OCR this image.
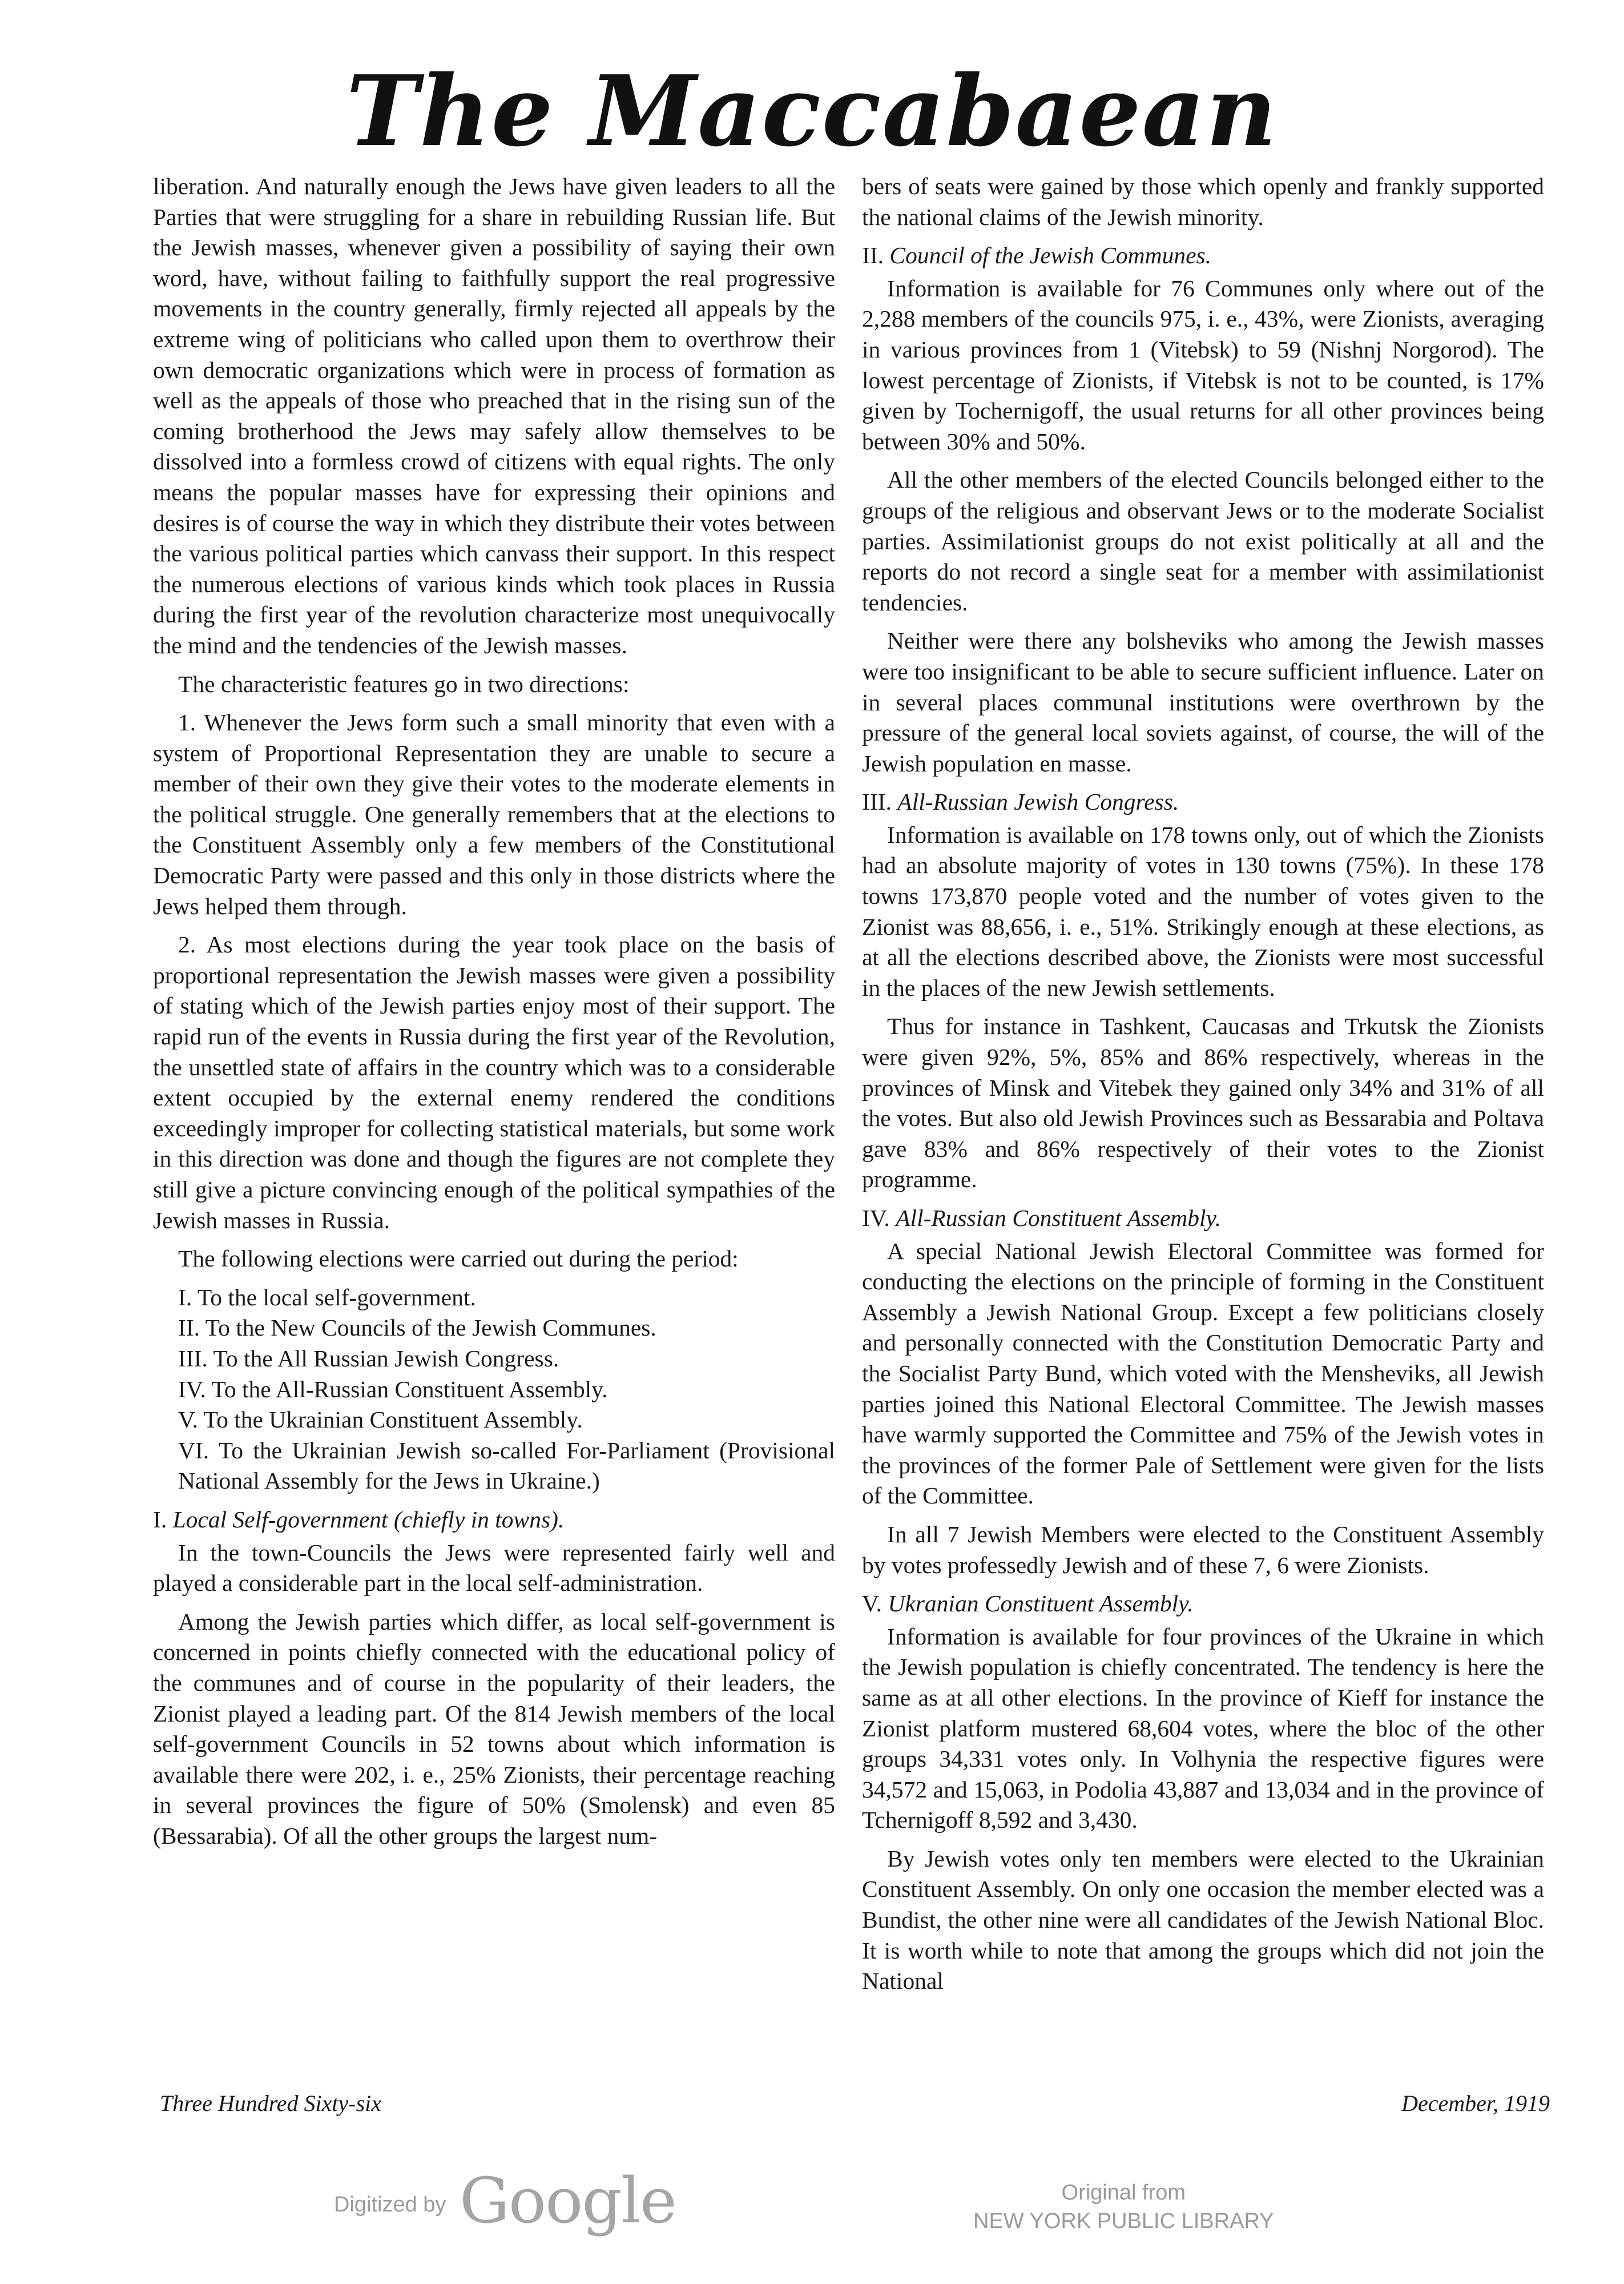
The Maccabaean

liberation. And naturally enough the Jews have given leaders to all the Parties that were struggling for a share in rebuilding Russian life. But the Jewish masses, whenever given a possibility of saying their own word, have, without failing to faithfully support the real progressive movements in the country generally, firmly rejected all appeals by the extreme wing of politicians who called upon them to overthrow their own democratic organizations which were in process of formation as well as the appeals of those who preached that in the rising sun of the coming brotherhood the Jews may safely allow themselves to be dissolved into a formless crowd of citizens with equal rights. The only means the popular masses have for expressing their opinions and desires is of course the way in which they distribute their votes between the various political parties which canvass their support. In this respect the numerous elections of various kinds which took places in Russia during the first year of the revolution characterize most unequivocally the mind and the tendencies of the Jewish masses.

The characteristic features go in two directions:

1. Whenever the Jews form such a small minority that even with a system of Proportional Representation they are unable to secure a member of their own they give their votes to the moderate elements in the political struggle. One generally remembers that at the elections to the Constituent Assembly only a few members of the Constitutional Democratic Party were passed and this only in those districts where the Jews helped them through.

2. As most elections during the year took place on the basis of proportional representation the Jewish masses were given a possibility of stating which of the Jewish parties enjoy most of their support. The rapid run of the events in Russia during the first year of the Revolution, the unsettled state of affairs in the country which was to a considerable extent occupied by the external enemy rendered the conditions exceedingly improper for collecting statistical materials, but some work in this direction was done and though the figures are not complete they still give a picture convincing enough of the political sympathies of the Jewish masses in Russia.

The following elections were carried out during the period:

I. To the local self-government.

II. To the New Councils of the Jewish Communes.

III. To the All Russian Jewish Congress.

IV. To the All-Russian Constituent Assembly.

V. To the Ukrainian Constituent Assembly.

VI. To the Ukrainian Jewish so-called For-Parliament (Provisional National Assembly for the Jews in Ukraine.)

I. Local Self-government (chiefly in towns).

In the town-Councils the Jews were represented fairly well and played a considerable part in the local self-administration.

Among the Jewish parties which differ, as local self-government is concerned in points chiefly connected with the educational policy of the communes and of course in the popularity of their leaders, the Zionist played a leading part. Of the 814 Jewish members of the local self-government Councils in 52 towns about which information is available there were 202, i. e., 25% Zionists, their percentage reaching in several provinces the figure of 50% (Smolensk) and even 85 (Bessarabia). Of all the other groups the largest num-

bers of seats were gained by those which openly and frankly supported the national claims of the Jewish minority.

II. Council of the Jewish Communes.

Information is available for 76 Communes only where out of the 2,288 members of the councils 975, i. e., 43%, were Zionists, averaging in various provinces from 1 (Vitebsk) to 59 (Nishnj Norgorod). The lowest percentage of Zionists, if Vitebsk is not to be counted, is 17% given by Tochernigoff, the usual returns for all other provinces being between 30% and 50%.

All the other members of the elected Councils belonged either to the groups of the religious and observant Jews or to the moderate Socialist parties. Assimilationist groups do not exist politically at all and the reports do not record a single seat for a member with assimilationist tendencies.

Neither were there any bolsheviks who among the Jewish masses were too insignificant to be able to secure sufficient influence. Later on in several places communal institutions were overthrown by the pressure of the general local soviets against, of course, the will of the Jewish population en masse.

III. All-Russian Jewish Congress.

Information is available on 178 towns only, out of which the Zionists had an absolute majority of votes in 130 towns (75%). In these 178 towns 173,870 people voted and the number of votes given to the Zionist was 88,656, i. e., 51%. Strikingly enough at these elections, as at all the elections described above, the Zionists were most successful in the places of the new Jewish settlements.

Thus for instance in Tashkent, Caucasas and Trkutsk the Zionists were given 92%, 5%, 85% and 86% respectively, whereas in the provinces of Minsk and Vitebek they gained only 34% and 31% of all the votes. But also old Jewish Provinces such as Bessarabia and Poltava gave 83% and 86% respectively of their votes to the Zionist programme.

IV. All-Russian Constituent Assembly.

A special National Jewish Electoral Committee was formed for conducting the elections on the principle of forming in the Constituent Assembly a Jewish National Group. Except a few politicians closely and personally connected with the Constitution Democratic Party and the Socialist Party Bund, which voted with the Mensheviks, all Jewish parties joined this National Electoral Committee. The Jewish masses have warmly supported the Committee and 75% of the Jewish votes in the provinces of the former Pale of Settlement were given for the lists of the Committee.

In all 7 Jewish Members were elected to the Constituent Assembly by votes professedly Jewish and of these 7, 6 were Zionists.

V. Ukranian Constituent Assembly.

Information is available for four provinces of the Ukraine in which the Jewish population is chiefly concentrated. The tendency is here the same as at all other elections. In the province of Kieff for instance the Zionist platform mustered 68,604 votes, where the bloc of the other groups 34,331 votes only. In Volhynia the respective figures were 34,572 and 15,063, in Podolia 43,887 and 13,034 and in the province of Tchernigoff 8,592 and 3,430.

By Jewish votes only ten members were elected to the Ukrainian Constituent Assembly. On only one occasion the member elected was a Bundist, the other nine were all candidates of the Jewish National Bloc. It is worth while to note that among the groups which did not join the National

Three Hundred Sixty-six	December, 1919
Digitized by Google	Original from
NEW YORK PUBLIC LIBRARY
